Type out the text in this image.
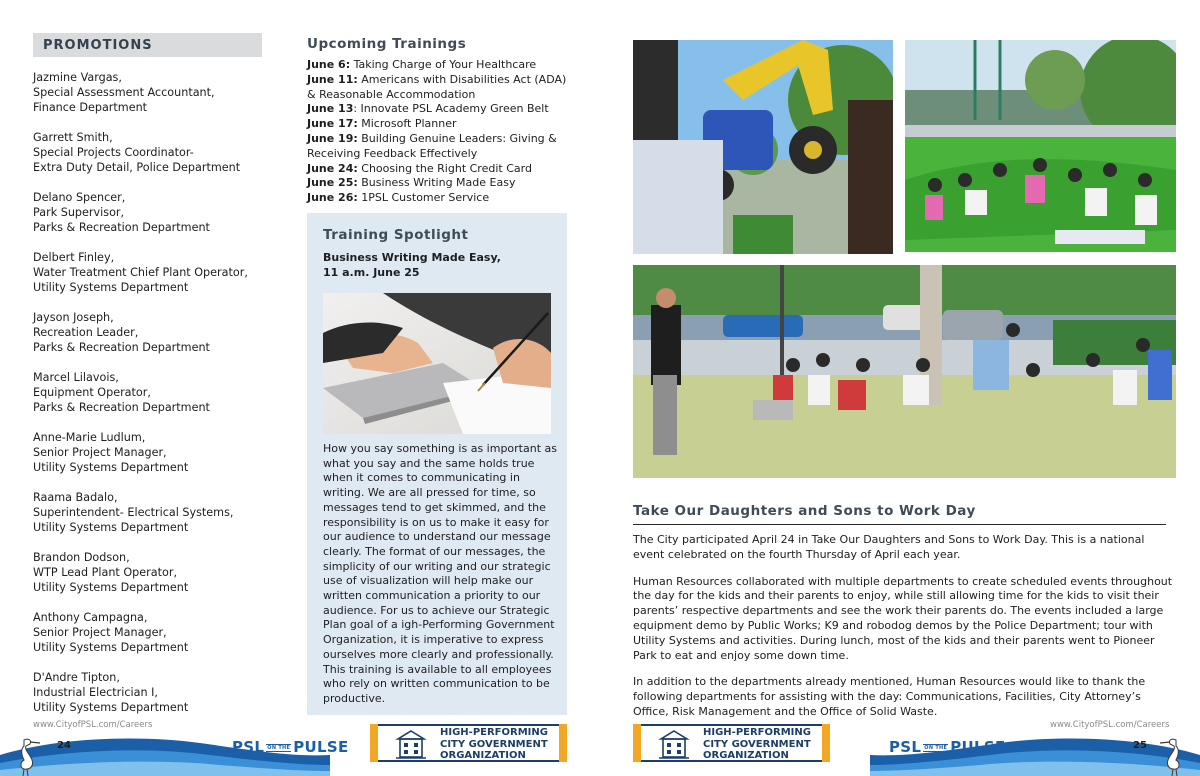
PROMOTIONS
Jazmine Vargas,
Special Assessment Accountant,
Finance Department
Garrett Smith,
Special Projects Coordinator-
Extra Duty Detail, Police Department
Delano Spencer,
Park Supervisor,
Parks & Recreation Department
Delbert Finley,
Water Treatment Chief Plant Operator,
Utility Systems Department
Jayson Joseph,
Recreation Leader,
Parks & Recreation Department
Marcel Lilavois,
Equipment Operator,
Parks & Recreation Department
Anne-Marie Ludlum,
Senior Project Manager,
Utility Systems Department
Raama Badalo,
Superintendent- Electrical Systems,
Utility Systems Department
Brandon Dodson,
WTP Lead Plant Operator,
Utility Systems Department
Anthony Campagna,
Senior Project Manager,
Utility Systems Department
D'Andre Tipton,
Industrial Electrician I,
Utility Systems Department
Upcoming Trainings
June 6: Taking Charge of Your Healthcare
June 11: Americans with Disabilities Act (ADA) & Reasonable Accommodation
June 13: Innovate PSL Academy Green Belt
June 17: Microsoft Planner
June 19: Building Genuine Leaders: Giving & Receiving Feedback Effectively
June 24: Choosing the Right Credit Card
June 25: Business Writing Made Easy
June 26: 1PSL Customer Service
Training Spotlight
Business Writing Made Easy,
11 a.m. June 25
How you say something is as important as what you say and the same holds true when it comes to communicating in writing. We are all pressed for time, so messages tend to get skimmed, and the responsibility is on us to make it easy for our audience to understand our message clearly. The format of our messages, the simplicity of our writing and our strategic use of visualization will help make our written communication a priority to our audience. For us to achieve our Strategic Plan goal of a igh-Performing Government Organization, it is imperative to express ourselves more clearly and professionally. This training is available to all employees who rely on written communication to be productive.
Take Our Daughters and Sons to Work Day

The City participated April 24 in Take Our Daughters and Sons to Work Day. This is a national event celebrated on the fourth Thursday of April each year.

Human Resources collaborated with multiple departments to create scheduled events throughout the day for the kids and their parents to enjoy, while still allowing time for the kids to visit their parents’ respective departments and see the work their parents do. The events included a large equipment demo by Public Works; K9 and robodog demos by the Police Department; tour with Utility Systems and activities. During lunch, most of the kids and their parents went to Pioneer Park to eat and enjoy some down time.

In addition to the departments already mentioned, Human Resources would like to thank the following departments for assisting with the day: Communications, Facilities, City Attorney’s Office, Risk Management and the Office of Solid Waste.

www.CityofPSL.com/Careers	www.CityofPSL.com/Careers
24	25
PSL ON THE PULSE	PSL ON THE PULSE
HIGH-PERFORMING
CITY GOVERNMENT
ORGANIZATION
HIGH-PERFORMING
CITY GOVERNMENT
ORGANIZATION
